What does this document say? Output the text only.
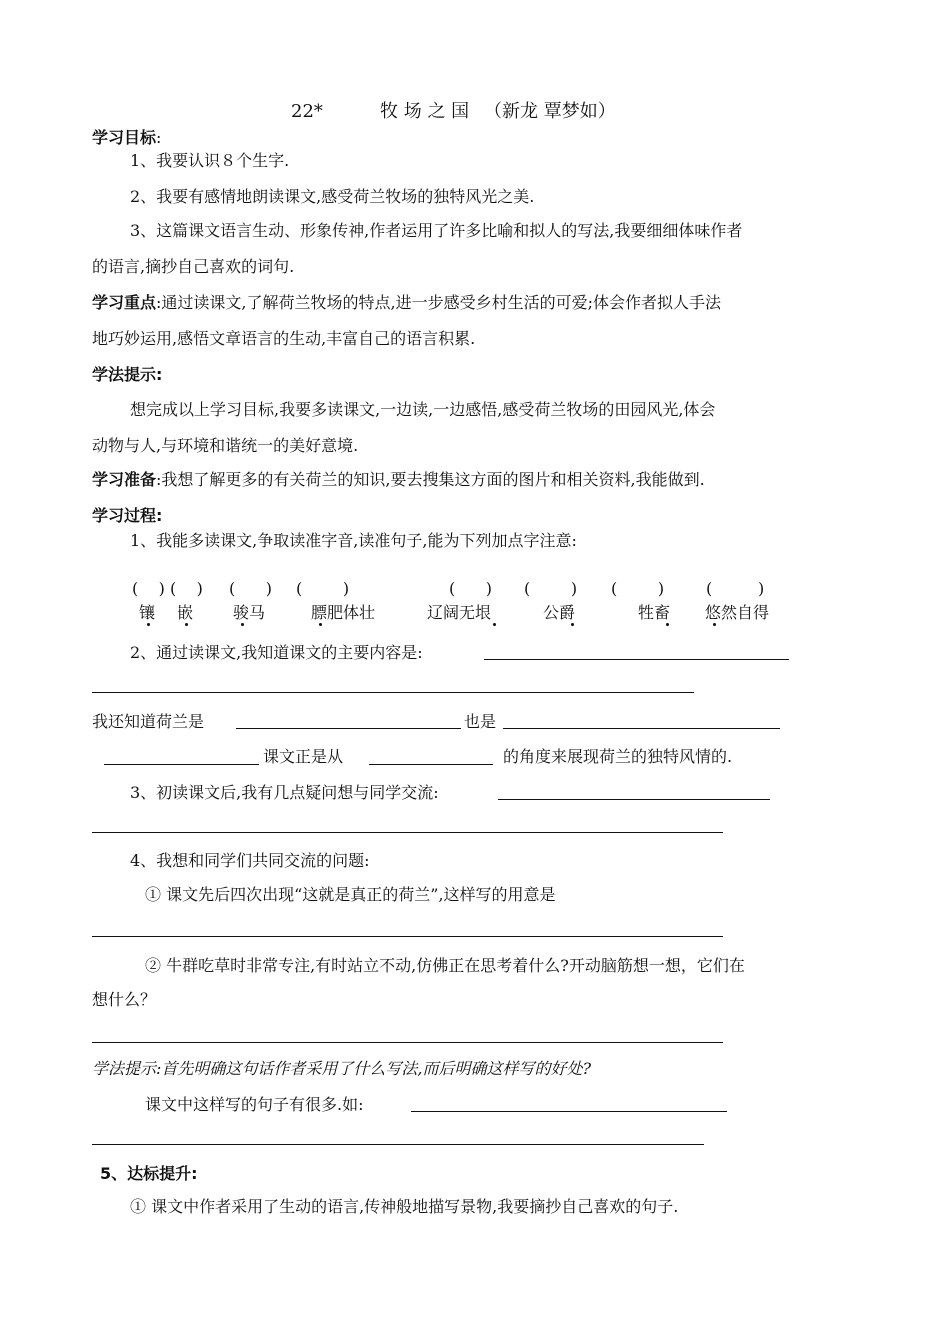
22*	牧 场 之 国 （新龙 覃梦如）
学习目标:
1、我要认识８个生字.
2、我要有感情地朗读课文,感受荷兰牧场的独特风光之美.
3、这篇课文语言生动、形象传神,作者运用了许多比喻和拟人的写法,我要细细体味作者
的语言,摘抄自己喜欢的词句.
学习重点:通过读课文,了解荷兰牧场的特点,进一步感受乡村生活的可爱;体会作者拟人手法
地巧妙运用,感悟文章语言的生动,丰富自己的语言积累.
学法提示:
想完成以上学习目标,我要多读课文,一边读,一边感悟,感受荷兰牧场的田园风光,体会
动物与人,与环境和谐统一的美好意境.
学习准备:我想了解更多的有关荷兰的知识,要去搜集这方面的图片和相关资料,我能做到.
学习过程:
1、我能多读课文,争取读准字音,读准句子,能为下列加点字注意:
(    ) (    ) (      ) (        )	(      ) (        ) (        )	(         )
镶 嵌 骏马	膘肥体壮	辽阔无垠	公爵	牲畜 悠然自得
2、通过读课文,我知道课文的主要内容是:
我还知道荷兰是	也是
课文正是从	的角度来展现荷兰的独特风情的.
3、初读课文后,我有几点疑问想与同学交流:
4、我想和同学们共同交流的问题:
① 课文先后四次出现“这就是真正的荷兰”,这样写的用意是
② 牛群吃草时非常专注,有时站立不动,仿佛正在思考着什么?开动脑筋想一想，它们在
想什么？
学法提示:首先明确这句话作者采用了什么写法,而后明确这样写的好处?
课文中这样写的句子有很多.如:
5、达标提升:
① 课文中作者采用了生动的语言,传神般地描写景物,我要摘抄自己喜欢的句子.
